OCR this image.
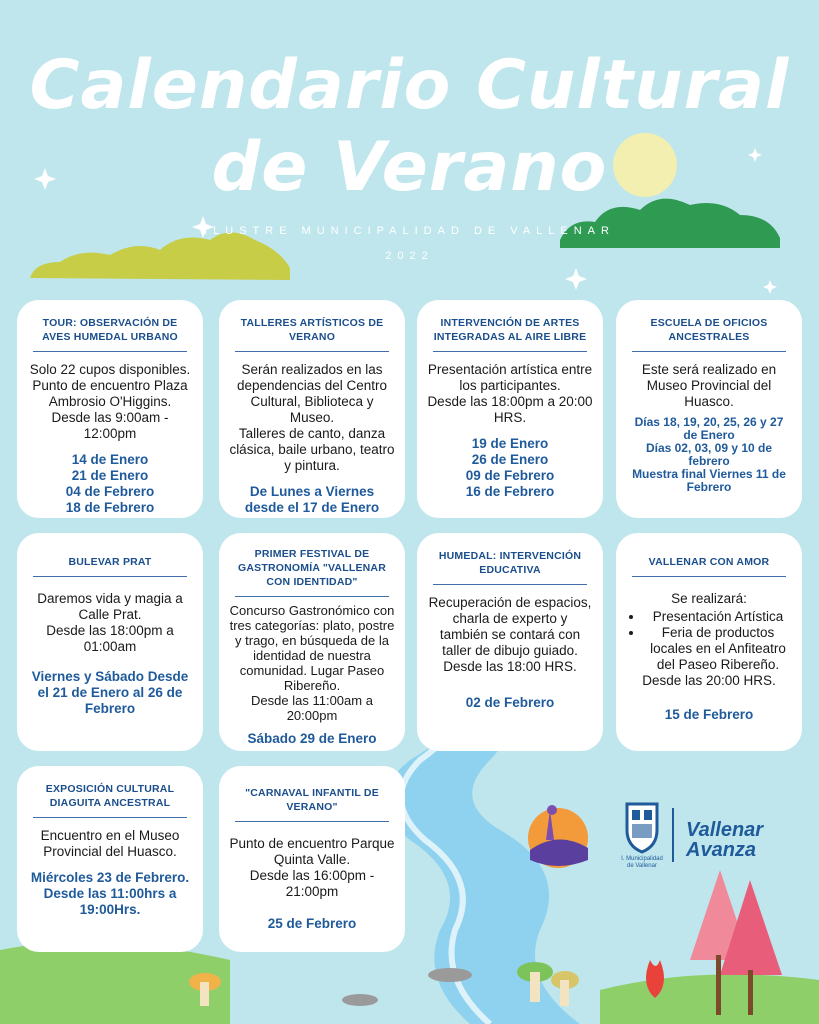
Calendario Cultural
de Verano
ILUSTRE MUNICIPALIDAD DE VALLENAR
2022
TOUR: OBSERVACIÓN DE AVES HUMEDAL URBANO
Solo 22 cupos disponibles.
Punto de encuentro Plaza Ambrosio O'Higgins.
Desde las 9:00am - 12:00pm
14 de Enero
21 de Enero
04 de Febrero
18 de Febrero
TALLERES ARTÍSTICOS DE VERANO
Serán realizados en las dependencias del Centro Cultural, Biblioteca y Museo.
Talleres de canto, danza clásica, baile urbano, teatro y pintura.
De Lunes a Viernes desde el 17 de Enero
INTERVENCIÓN DE ARTES INTEGRADAS AL AIRE LIBRE
Presentación artística entre los participantes.
Desde las 18:00pm a 20:00 HRS.
19 de Enero
26 de Enero
09 de Febrero
16 de Febrero
ESCUELA DE OFICIOS ANCESTRALES
Este será realizado en Museo Provincial del Huasco.
Días 18, 19, 20, 25, 26 y 27 de Enero
Días 02, 03, 09 y 10 de febrero
Muestra final Viernes 11 de Febrero
BULEVAR PRAT
Daremos vida y magia a Calle Prat.
Desde las 18:00pm a 01:00am
Viernes y Sábado Desde el 21 de Enero al 26 de Febrero
PRIMER FESTIVAL DE GASTRONOMÍA "VALLENAR CON IDENTIDAD"
Concurso Gastronómico con tres categorías: plato, postre y trago, en búsqueda de la identidad de nuestra comunidad. Lugar Paseo Ribereño.
Desde las 11:00am a 20:00pm
Sábado 29 de Enero
HUMEDAL: INTERVENCIÓN EDUCATIVA
Recuperación de espacios, charla de experto y también se contará con taller de dibujo guiado.
Desde las 18:00 HRS.
02 de Febrero
VALLENAR CON AMOR
Se realizará:
• Presentación Artística
• Feria de productos locales en el Anfiteatro del Paseo Ribereño.
Desde las 20:00 HRS.
15 de Febrero
EXPOSICIÓN CULTURAL DIAGUITA ANCESTRAL
Encuentro en el Museo Provincial del Huasco.
Miércoles 23 de Febrero. Desde las 11:00hrs a 19:00Hrs.
"CARNAVAL INFANTIL DE VERANO"
Punto de encuentro Parque Quinta Valle.
Desde las 16:00pm - 21:00pm
25 de Febrero
I. Municipalidad
de Vallenar
Vallenar
Avanza
